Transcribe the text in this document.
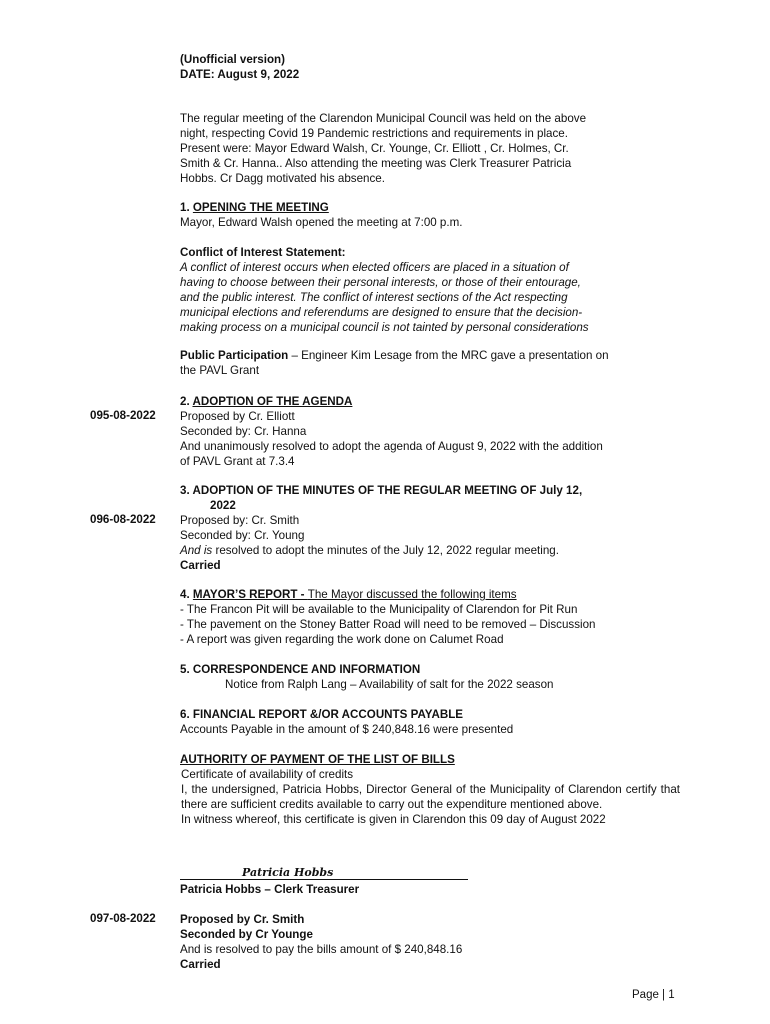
(Unofficial version)
DATE: August 9, 2022
The regular meeting of the Clarendon Municipal Council was held on the above
night, respecting Covid 19 Pandemic restrictions and requirements in place.
Present were: Mayor Edward Walsh, Cr. Younge, Cr. Elliott , Cr. Holmes, Cr.
Smith & Cr. Hanna.. Also attending the meeting was Clerk Treasurer Patricia
Hobbs. Cr Dagg motivated his absence.
1. OPENING THE MEETING
Mayor, Edward Walsh opened the meeting at 7:00 p.m.
Conflict of Interest Statement:
A conflict of interest occurs when elected officers are placed in a situation of
having to choose between their personal interests, or those of their entourage,
and the public interest. The conflict of interest sections of the Act respecting
municipal elections and referendums are designed to ensure that the decision-
making process on a municipal council is not tainted by personal considerations
Public Participation – Engineer Kim Lesage from the MRC gave a presentation on
the PAVL Grant
2. ADOPTION OF THE AGENDA
Proposed by Cr. Elliott
Seconded by: Cr. Hanna
And unanimously resolved to adopt the agenda of August 9, 2022 with the addition
of PAVL Grant at 7.3.4
095-08-2022
3. ADOPTION OF THE MINUTES OF THE REGULAR MEETING OF July 12,
2022
Proposed by: Cr. Smith
Seconded by: Cr. Young
And is resolved to adopt the minutes of the July 12, 2022 regular meeting.
Carried
096-08-2022
4. MAYOR’S REPORT - The Mayor discussed the following items
- The Francon Pit will be available to the Municipality of Clarendon for Pit Run
- The pavement on the Stoney Batter Road will need to be removed – Discussion
- A report was given regarding the work done on Calumet Road
5. CORRESPONDENCE AND INFORMATION
Notice from Ralph Lang – Availability of salt for the 2022 season
6. FINANCIAL REPORT &/OR ACCOUNTS PAYABLE
Accounts Payable in the amount of $ 240,848.16 were presented
AUTHORITY OF PAYMENT OF THE LIST OF BILLS
Certificate of availability of credits
I, the undersigned, Patricia Hobbs, Director General of the Municipality of Clarendon certify that there are sufficient credits available to carry out the expenditure mentioned above.
In witness whereof, this certificate is given in Clarendon this 09 day of August 2022
Patricia Hobbs
Patricia Hobbs – Clerk Treasurer
Proposed by Cr. Smith
Seconded by Cr Younge
And is resolved to pay the bills amount of $ 240,848.16
Carried
097-08-2022
Page | 1
